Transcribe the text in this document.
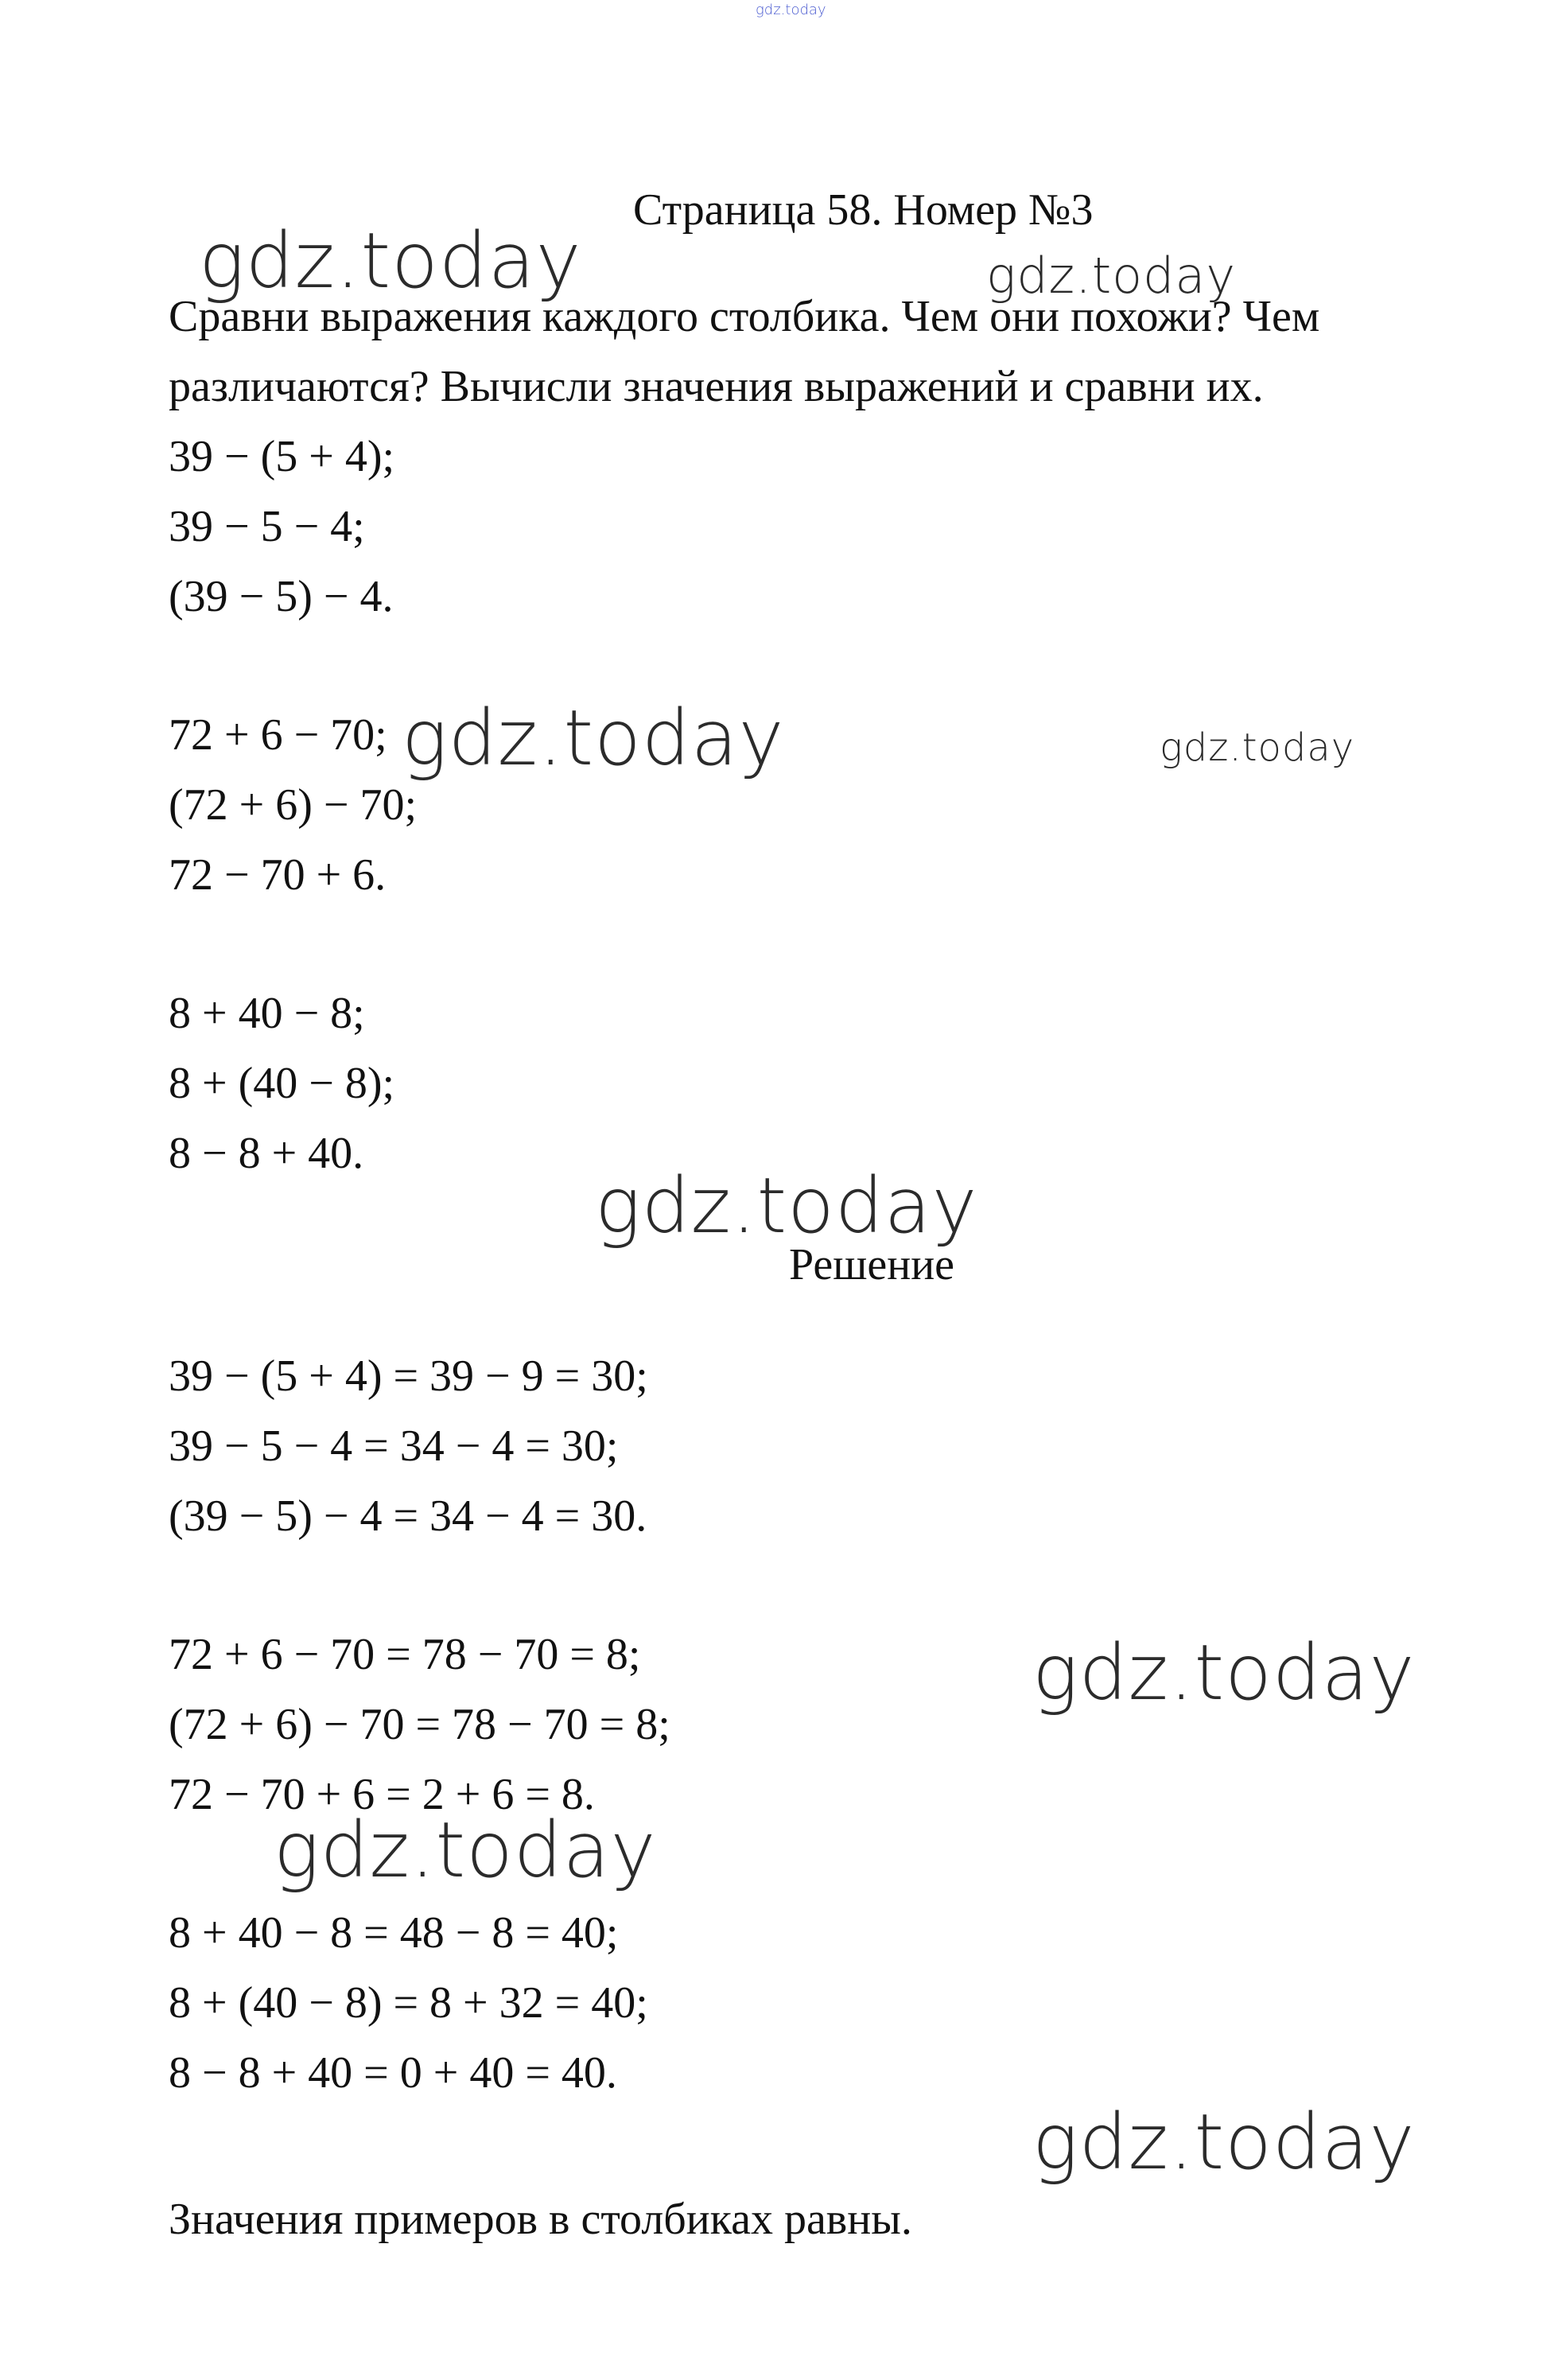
gdz.today
gdz.today	gdz.today
gdz.today	gdz.today
gdz.today
gdz.today
gdz.today
gdz.today
Страница 58. Номер №3
Сравни выражения каждого столбика. Чем они похожи? Чем
различаются? Вычисли значения выражений и сравни их.
39 − (5 + 4);
39 − 5 − 4;
(39 − 5) − 4.
72 + 6 − 70;
(72 + 6) − 70;
72 − 70 + 6.
8 + 40 − 8;
8 + (40 − 8);
8 − 8 + 40.
Решение
39 − (5 + 4) = 39 − 9 = 30;
39 − 5 − 4 = 34 − 4 = 30;
(39 − 5) − 4 = 34 − 4 = 30.
72 + 6 − 70 = 78 − 70 = 8;
(72 + 6) − 70 = 78 − 70 = 8;
72 − 70 + 6 = 2 + 6 = 8.
8 + 40 − 8 = 48 − 8 = 40;
8 + (40 − 8) = 8 + 32 = 40;
8 − 8 + 40 = 0 + 40 = 40.
Значения примеров в столбиках равны.
